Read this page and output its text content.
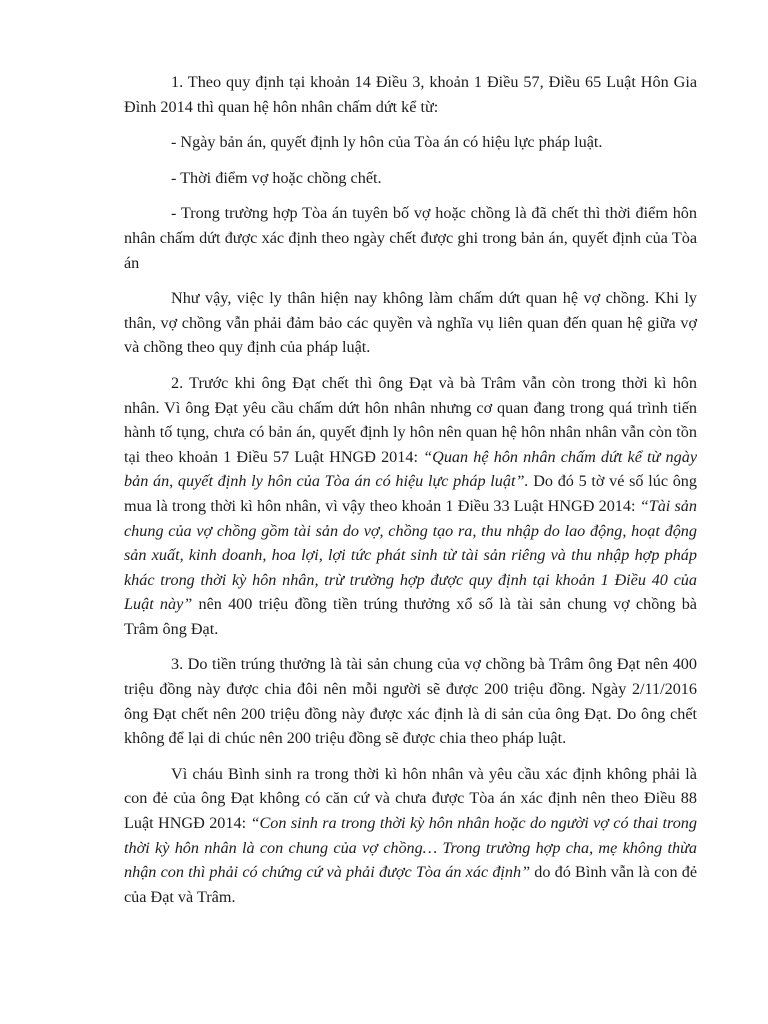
1. Theo quy định tại khoản 14 Điều 3, khoản 1 Điều 57, Điều 65 Luật Hôn Gia Đình 2014 thì quan hệ hôn nhân chấm dứt kể từ:

- Ngày bản án, quyết định ly hôn của Tòa án có hiệu lực pháp luật.

- Thời điểm vợ hoặc chồng chết.

- Trong trường hợp Tòa án tuyên bố vợ hoặc chồng là đã chết thì thời điểm hôn nhân chấm dứt được xác định theo ngày chết được ghi trong bản án, quyết định của Tòa án

Như vậy, việc ly thân hiện nay không làm chấm dứt quan hệ vợ chồng. Khi ly thân, vợ chồng vẫn phải đảm bảo các quyền và nghĩa vụ liên quan đến quan hệ giữa vợ và chồng theo quy định của pháp luật.

2. Trước khi ông Đạt chết thì ông Đạt và bà Trâm vẫn còn trong thời kì hôn nhân. Vì ông Đạt yêu cầu chấm dứt hôn nhân nhưng cơ quan đang trong quá trình tiến hành tố tụng, chưa có bản án, quyết định ly hôn nên quan hệ hôn nhân nhân vẫn còn tồn tại theo khoản 1 Điều 57 Luật HNGĐ 2014: “Quan hệ hôn nhân chấm dứt kể từ ngày bản án, quyết định ly hôn của Tòa án có hiệu lực pháp luật”. Do đó 5 tờ vé số lúc ông mua là trong thời kì hôn nhân, vì vậy theo khoản 1 Điều 33 Luật HNGĐ 2014: “Tài sản chung của vợ chồng gồm tài sản do vợ, chồng tạo ra, thu nhập do lao động, hoạt động sản xuất, kinh doanh, hoa lợi, lợi tức phát sinh từ tài sản riêng và thu nhập hợp pháp khác trong thời kỳ hôn nhân, trừ trường hợp được quy định tại khoản 1 Điều 40 của Luật này” nên 400 triệu đồng tiền trúng thưởng xổ số là tài sản chung vợ chồng bà Trâm ông Đạt.

3. Do tiền trúng thưởng là tài sản chung của vợ chồng bà Trâm ông Đạt nên 400 triệu đồng này được chia đôi nên mỗi người sẽ được 200 triệu đồng. Ngày 2/11/2016 ông Đạt chết nên 200 triệu đồng này được xác định là di sản của ông Đạt. Do ông chết không để lại di chúc nên 200 triệu đồng sẽ được chia theo pháp luật.

Vì cháu Bình sinh ra trong thời kì hôn nhân và yêu cầu xác định không phải là con đẻ của ông Đạt không có căn cứ và chưa được Tòa án xác định nên theo Điều 88 Luật HNGĐ 2014: “Con sinh ra trong thời kỳ hôn nhân hoặc do người vợ có thai trong thời kỳ hôn nhân là con chung của vợ chồng… Trong trường hợp cha, mẹ không thừa nhận con thì phải có chứng cứ và phải được Tòa án xác định” do đó Bình vẫn là con đẻ của Đạt và Trâm.
